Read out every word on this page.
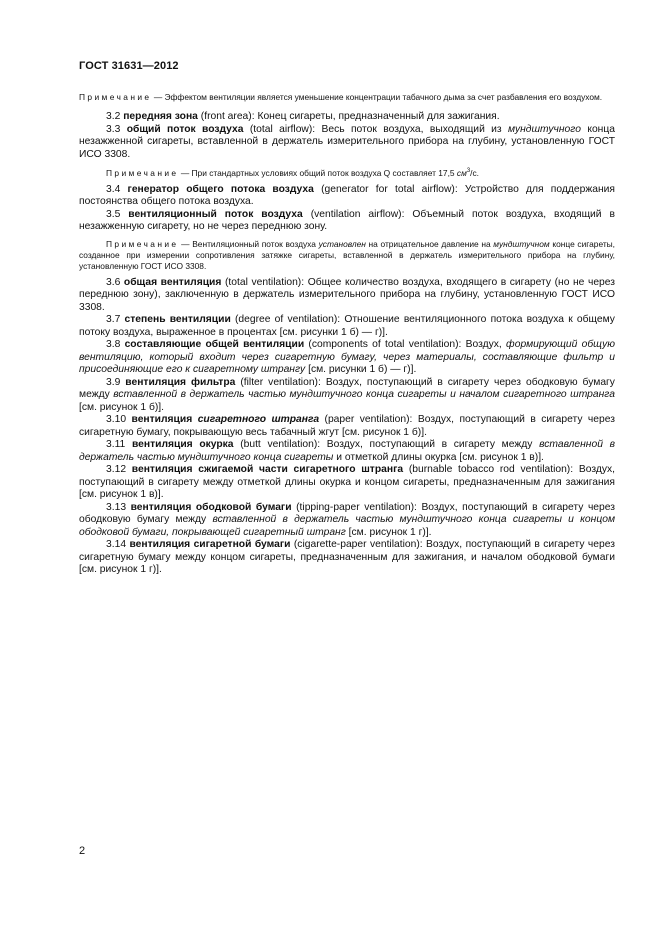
ГОСТ 31631—2012

Примечание — Эффектом вентиляции является уменьшение концентрации табачного дыма за счет разбавления его воздухом.

3.2 передняя зона (front area): Конец сигареты, предназначенный для зажигания.

3.3 общий поток воздуха (total airflow): Весь поток воздуха, выходящий из мундштучного конца незажженной сигареты, вставленной в держатель измерительного прибора на глубину, установленную ГОСТ ИСО 3308.

Примечание — При стандартных условиях общий поток воздуха Q составляет 17,5 $см^3/с$.

3.4 генератор общего потока воздуха (generator for total airflow): Устройство для поддержания постоянства общего потока воздуха.

3.5 вентиляционный поток воздуха (ventilation airflow): Объемный поток воздуха, входящий в незажженную сигарету, но не через переднюю зону.

Примечание — Вентиляционный поток воздуха установлен на отрицательное давление на мундштучном конце сигареты, созданное при измерении сопротивления затяжке сигареты, вставленной в держатель измерительного прибора на глубину, установленную ГОСТ ИСО 3308.

3.6 общая вентиляция (total ventilation): Общее количество воздуха, входящего в сигарету (но не через переднюю зону), заключенную в держатель измерительного прибора на глубину, установленную ГОСТ ИСО 3308.

3.7 степень вентиляции (degree of ventilation): Отношение вентиляционного потока воздуха к общему потоку воздуха, выраженное в процентах [см. рисунки 1 б) — г)].

3.8 составляющие общей вентиляции (components of total ventilation): Воздух, формирующий общую вентиляцию, который входит через сигаретную бумагу, через материалы, составляющие фильтр и присоединяющие его к сигаретному штрангу [см. рисунки 1 б) — г)].

3.9 вентиляция фильтра (filter ventilation): Воздух, поступающий в сигарету через ободковую бумагу между вставленной в держатель частью мундштучного конца сигареты и началом сигаретного штранга [см. рисунок 1 б)].

3.10 вентиляция сигаретного штранга (paper ventilation): Воздух, поступающий в сигарету через сигаретную бумагу, покрывающую весь табачный жгут [см. рисунок 1 б)].

3.11 вентиляция окурка (butt ventilation): Воздух, поступающий в сигарету между вставленной в держатель частью мундштучного конца сигареты и отметкой длины окурка [см. рисунок 1 в)].

3.12 вентиляция сжигаемой части сигаретного штранга (burnable tobacco rod ventilation): Воздух, поступающий в сигарету между отметкой длины окурка и концом сигареты, предназначенным для зажигания [см. рисунок 1 в)].

3.13 вентиляция ободковой бумаги (tipping-paper ventilation): Воздух, поступающий в сигарету через ободковую бумагу между вставленной в держатель частью мундштучного конца сигареты и концом ободковой бумаги, покрывающей сигаретный штранг [см. рисунок 1 г)].

3.14 вентиляция сигаретной бумаги (cigarette-paper ventilation): Воздух, поступающий в сигарету через сигаретную бумагу между концом сигареты, предназначенным для зажигания, и началом ободковой бумаги [см. рисунок 1 г)].

2
